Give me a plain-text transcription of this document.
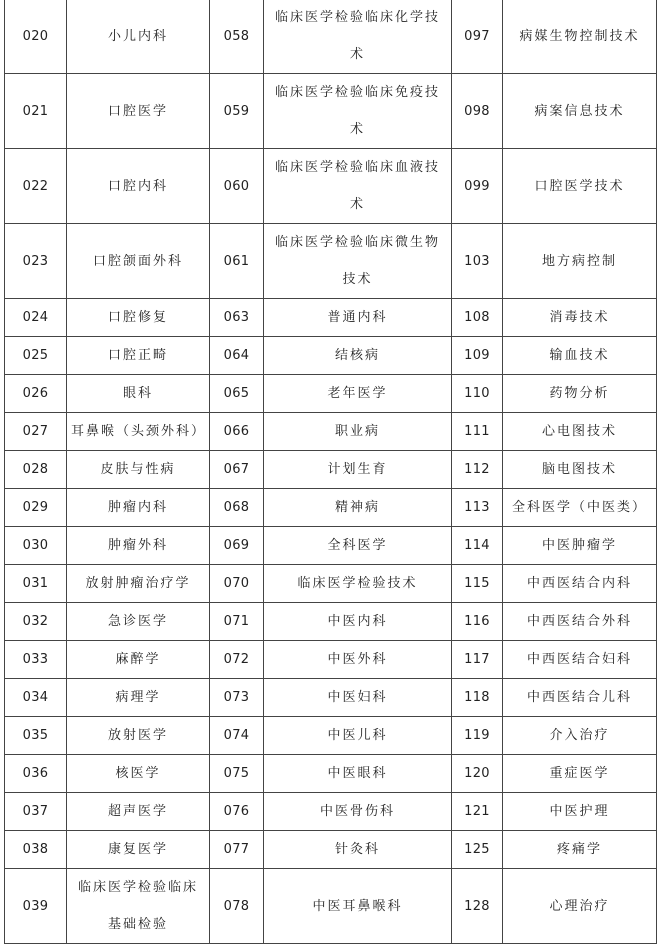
020	小儿内科	058	临床医学检验临床化学技术	097	病媒生物控制技术
021	口腔医学	059	临床医学检验临床免疫技术	098	病案信息技术
022	口腔内科	060	临床医学检验临床血液技术	099	口腔医学技术
023	口腔颌面外科	061	临床医学检验临床微生物技术	103	地方病控制
024	口腔修复	063	普通内科	108	消毒技术
025	口腔正畸	064	结核病	109	输血技术
026	眼科	065	老年医学	110	药物分析
027	耳鼻喉（头颈外科）	066	职业病	111	心电图技术
028	皮肤与性病	067	计划生育	112	脑电图技术
029	肿瘤内科	068	精神病	113	全科医学（中医类）
030	肿瘤外科	069	全科医学	114	中医肿瘤学
031	放射肿瘤治疗学	070	临床医学检验技术	115	中西医结合内科
032	急诊医学	071	中医内科	116	中西医结合外科
033	麻醉学	072	中医外科	117	中西医结合妇科
034	病理学	073	中医妇科	118	中西医结合儿科
035	放射医学	074	中医儿科	119	介入治疗
036	核医学	075	中医眼科	120	重症医学
037	超声医学	076	中医骨伤科	121	中医护理
038	康复医学	077	针灸科	125	疼痛学
039	临床医学检验临床基础检验	078	中医耳鼻喉科	128	心理治疗
